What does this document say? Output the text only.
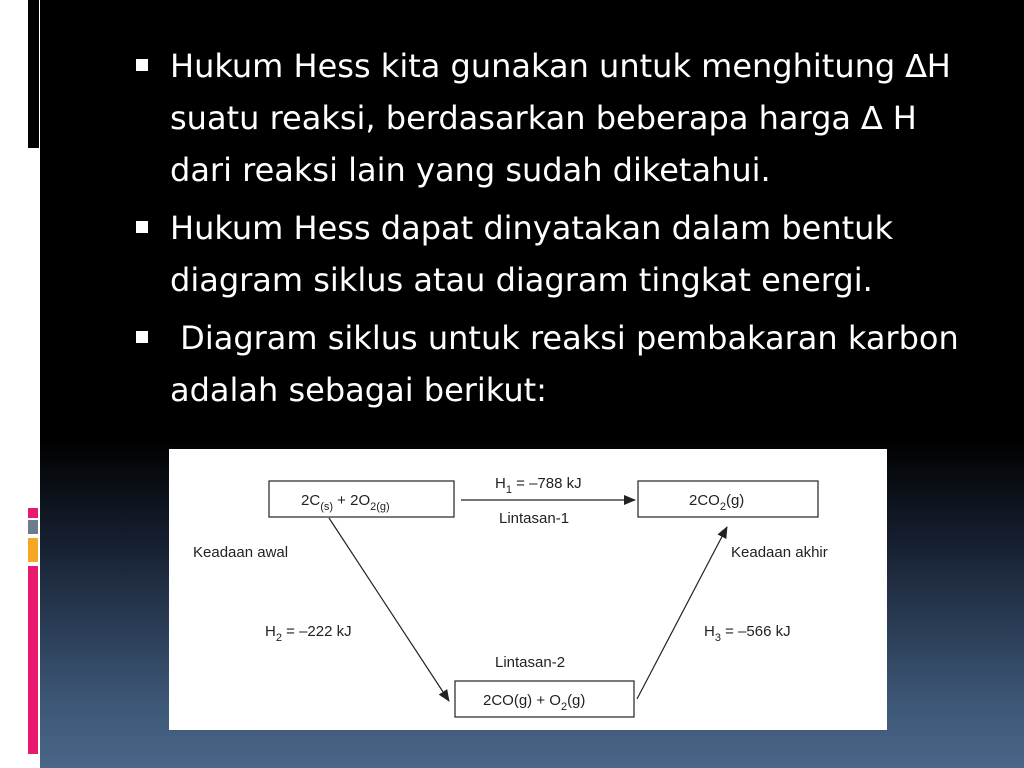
Hukum Hess kita gunakan untuk menghitung ∆H suatu reaksi, berdasarkan beberapa harga ∆ H dari reaksi lain yang sudah diketahui.
Hukum Hess dapat dinyatakan dalam bentuk diagram siklus atau diagram tingkat energi.
Diagram siklus untuk reaksi pembakaran karbon adalah sebagai berikut:
$2C_{(s)} + 2O_{2(g)}$	$2CO_2(g)$
$2CO(g) + O_2(g)$
$H_1 = -788$ kJ
Lintasan-1
Keadaan awal	Keadaan akhir
$H_2 = -222$ kJ	$H_3 = -566$ kJ
Lintasan-2
